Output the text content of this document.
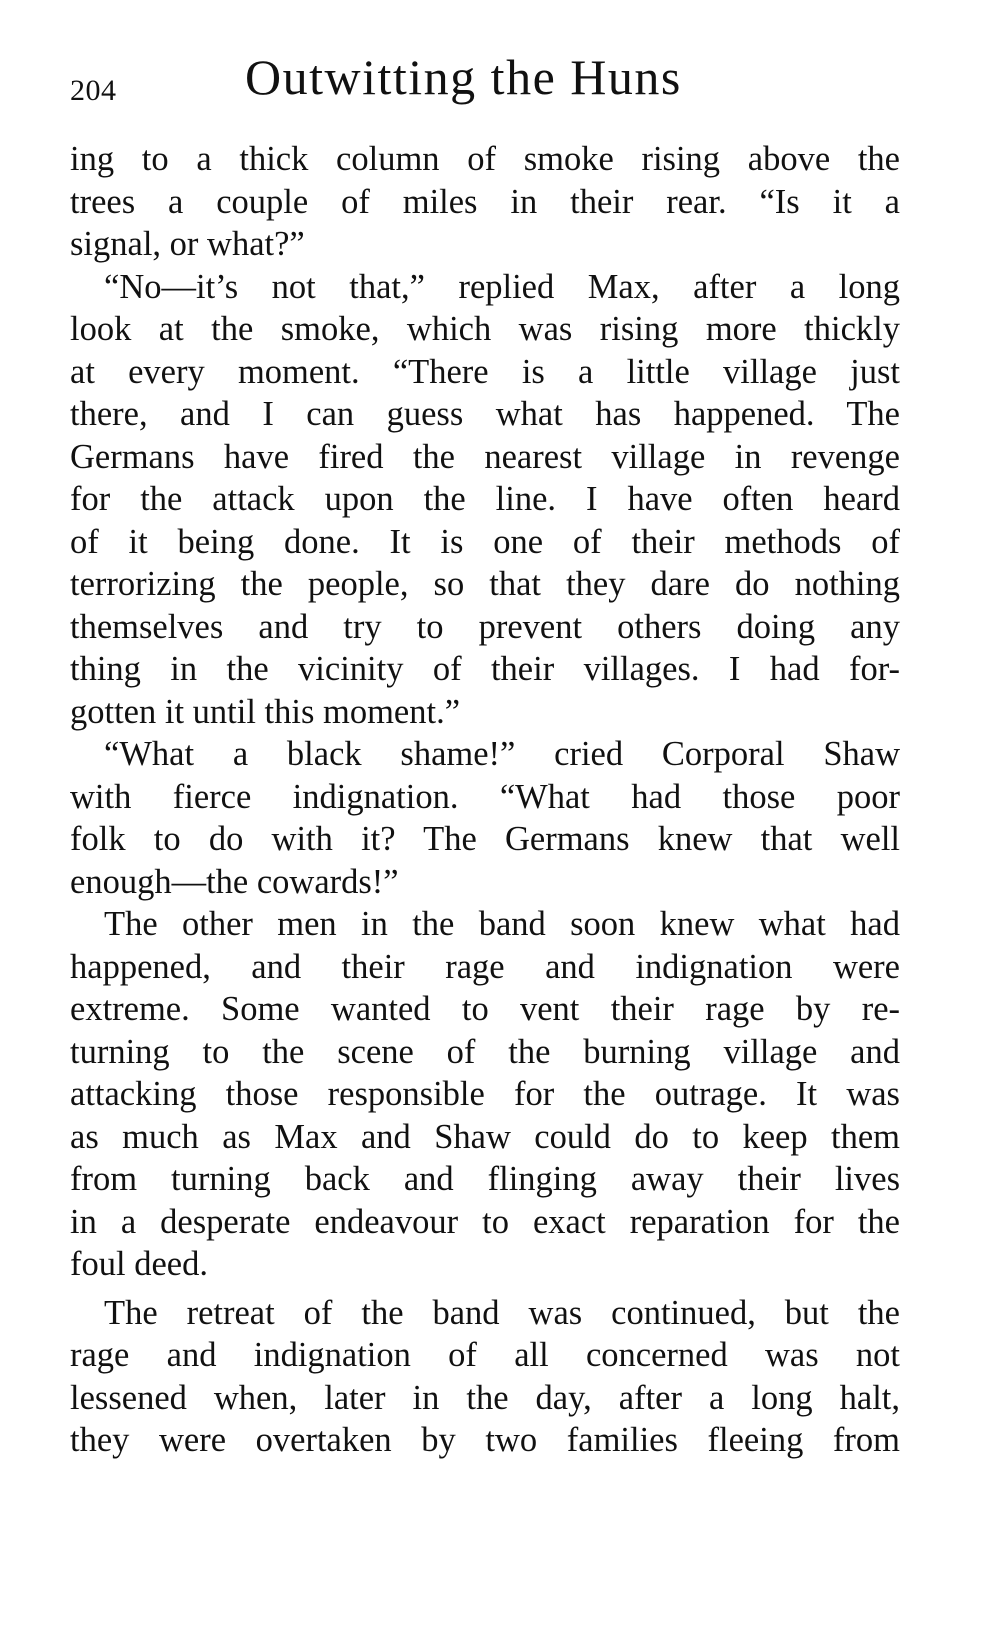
204	Outwitting the Huns
ing to a thick column of smoke rising above the
trees a couple of miles in their rear. “Is it a
signal, or what?”
“No—it’s not that,” replied Max, after a long
look at the smoke, which was rising more thickly
at every moment. “There is a little village just
there, and I can guess what has happened. The
Germans have fired the nearest village in revenge
for the attack upon the line. I have often heard
of it being done. It is one of their methods of
terrorizing the people, so that they dare do nothing
themselves and try to prevent others doing any
thing in the vicinity of their villages. I had for-
gotten it until this moment.”
“What a black shame!” cried Corporal Shaw
with fierce indignation. “What had those poor
folk to do with it? The Germans knew that well
enough—the cowards!”
The other men in the band soon knew what had
happened, and their rage and indignation were
extreme. Some wanted to vent their rage by re-
turning to the scene of the burning village and
attacking those responsible for the outrage. It was
as much as Max and Shaw could do to keep them
from turning back and flinging away their lives
in a desperate endeavour to exact reparation for the
foul deed.
The retreat of the band was continued, but the
rage and indignation of all concerned was not
lessened when, later in the day, after a long halt,
they were overtaken by two families fleeing from
